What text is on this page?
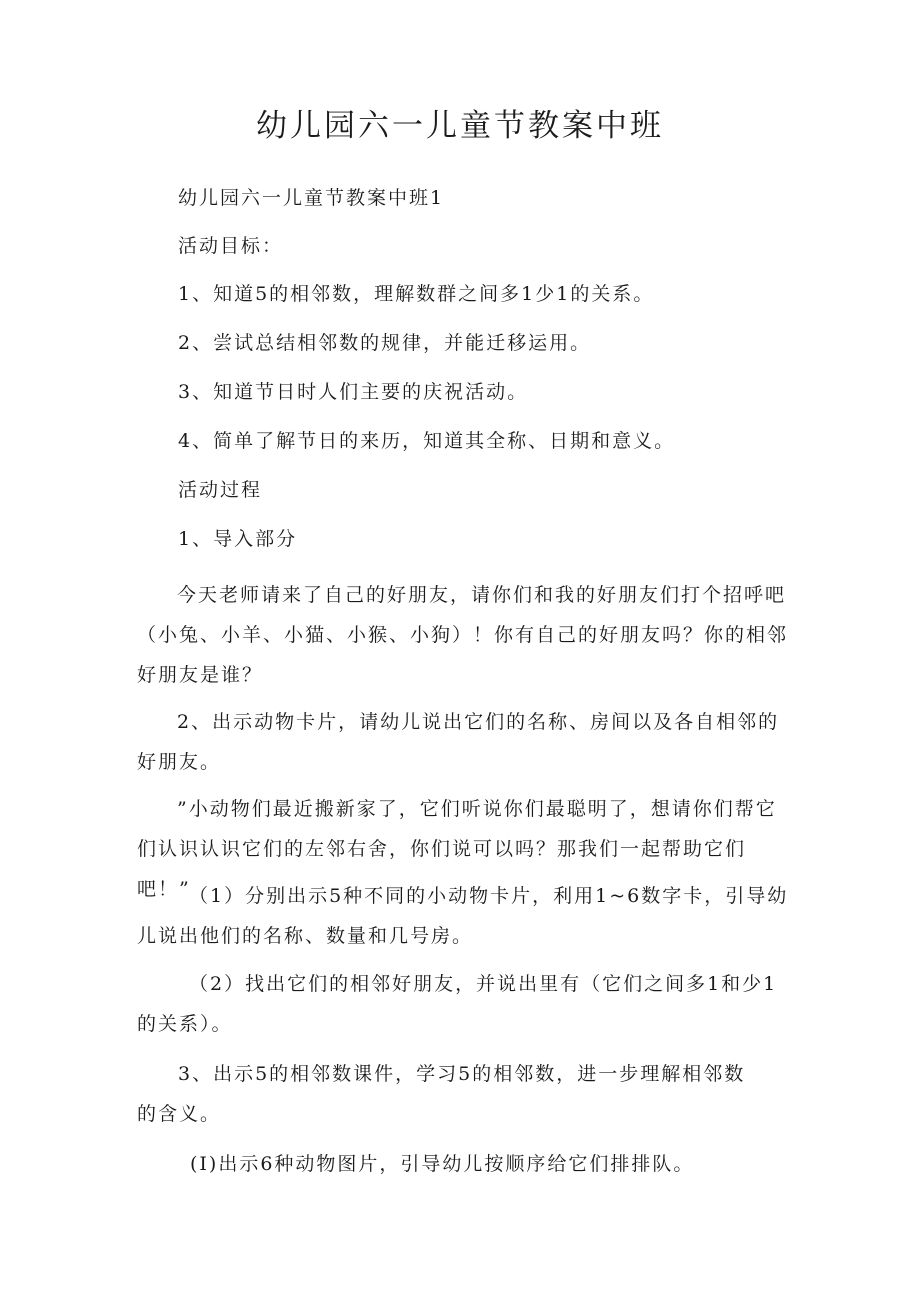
幼儿园六一儿童节教案中班

幼儿园六一儿童节教案中班1

活动目标：

1、知道5的相邻数，理解数群之间多1少1的关系。

2、尝试总结相邻数的规律，并能迁移运用。

3、知道节日时人们主要的庆祝活动。

4、简单了解节日的来历，知道其全称、日期和意义。

活动过程

1、导入部分

今天老师请来了自己的好朋友，请你们和我的好朋友们打个招呼吧（小兔、小羊、小猫、小猴、小狗）！你有自己的好朋友吗？你的相邻好朋友是谁？

2、出示动物卡片，请幼儿说出它们的名称、房间以及各自相邻的好朋友。

”小动物们最近搬新家了，它们听说你们最聪明了，想请你们帮它们认识认识它们的左邻右舍，你们说可以吗？那我们一起帮助它们吧！”

（1）分别出示5种不同的小动物卡片，利用1~6数字卡，引导幼儿说出他们的名称、数量和几号房。

（2）找出它们的相邻好朋友，并说出里有（它们之间多1和少1的关系）。

3、出示5的相邻数课件，学习5的相邻数，进一步理解相邻数

的含义。

(I)出示6种动物图片，引导幼儿按顺序给它们排排队。
